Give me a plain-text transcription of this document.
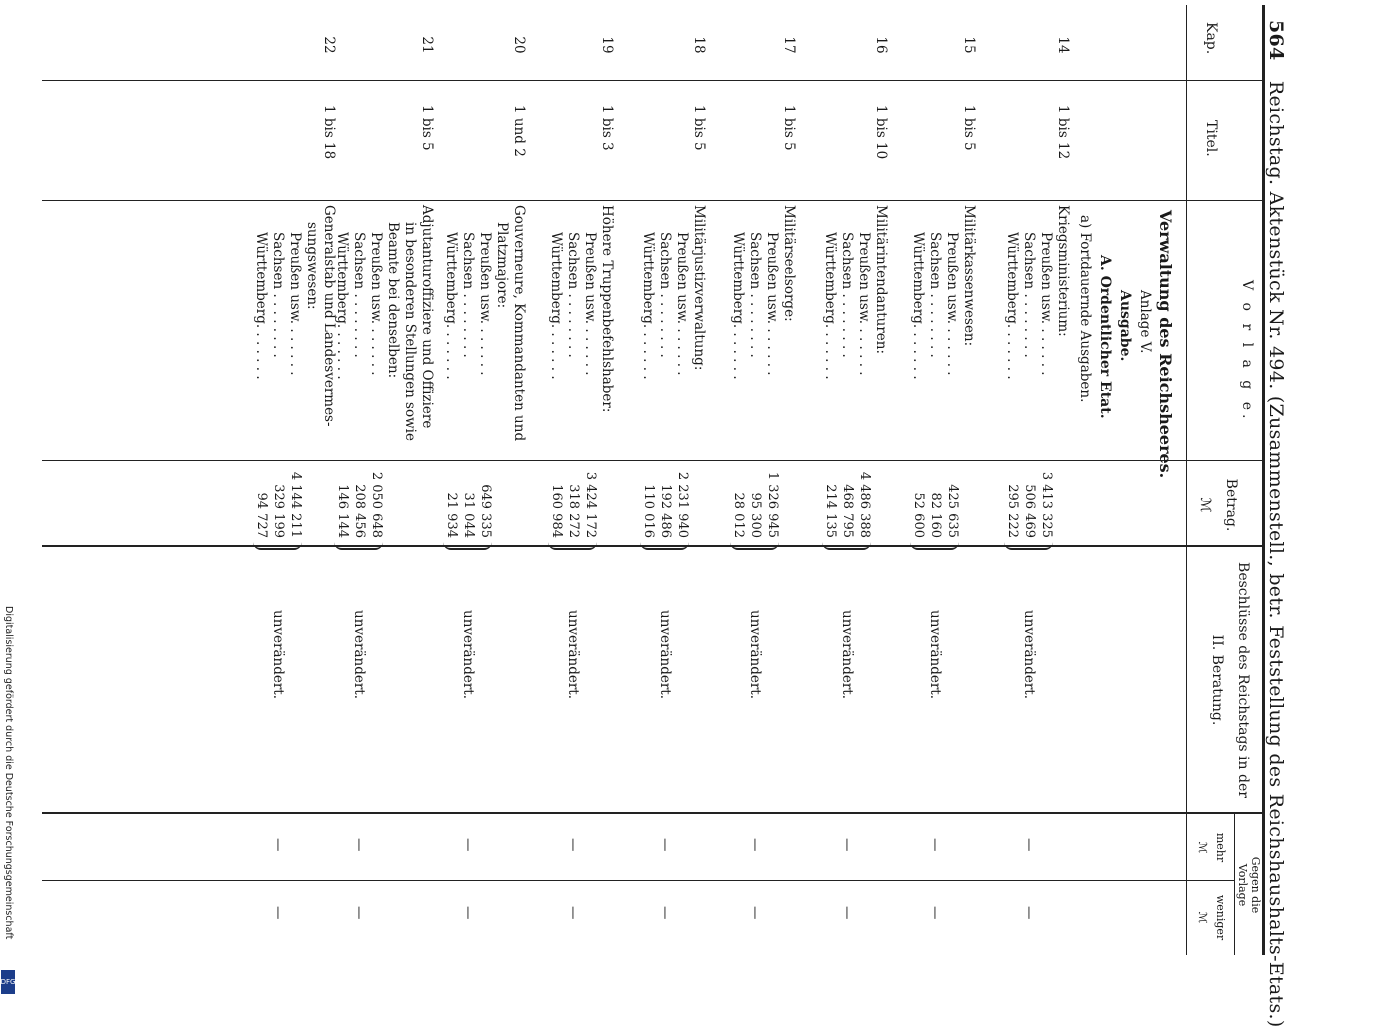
564 Reichstag. Aktenstück Nr. 494. (Zusammenstell., betr. Feststellung des Reichshaushalts-Etats.)
Kap.
Titel.
V o r l a g e.
Betrag.
ℳ
Beschlüsse des Reichstags in der
II. Beratung.
Gegen die
Vorlage
mehr
ℳ
weniger
ℳ
Verwaltung des Reichsheeres.
Anlage V.
Ausgabe.
A. Ordentlicher Etat.
a) Fortdauernde Ausgaben.
14
1 bis 12
Kriegsministerium:
Preußen usw. . . . . . .
3 413 325
Sachsen . . . . . . . .
506 469
Württemberg. . . . . . .
295 222
unverändert.
—
—
15
1 bis 5
Militärkassenwesen:
Preußen usw. . . . . . .
425 635
Sachsen . . . . . . . .
82 160
Württemberg. . . . . . .
52 600
unverändert.
—
—
16
1 bis 10
Militärintendanturen:
Preußen usw. . . . . . .
4 486 388
Sachsen . . . . . . . .
468 795
Württemberg. . . . . . .
214 135
unverändert.
—
—
17
1 bis 5
Militärseelsorge:
Preußen usw. . . . . . .
1 326 945
Sachsen . . . . . . . .
95 300
Württemberg. . . . . . .
28 012
unverändert.
—
—
18
1 bis 5
Militärjustizverwaltung:
Preußen usw. . . . . . .
2 231 940
Sachsen . . . . . . . .
192 486
Württemberg. . . . . . .
110 016
unverändert.
—
—
19
1 bis 3
Höhere Truppenbefehlshaber:
Preußen usw. . . . . . .
3 424 172
Sachsen . . . . . . . .
318 272
Württemberg. . . . . . .
160 984
unverändert.
—
—
20
1 und 2
Gouverneure, Kommandanten und
Platzmajore:
Preußen usw. . . . . . .
649 335
Sachsen . . . . . . . .
31 044
Württemberg. . . . . . .
21 934
unverändert.
—
—
21
1 bis 5
Adjutanturoffiziere und Offiziere
in besonderen Stellungen sowie
Beamte bei denselben:
Preußen usw. . . . . . .
2 050 648
Sachsen . . . . . . . .
208 456
Württemberg. . . . . . .
146 144
unverändert.
—
—
22
1 bis 18
Generalstab und Landesvermes-
sungswesen:
Preußen usw. . . . . . .
4 144 211
Sachsen . . . . . . . .
329 199
Württemberg. . . . . . .
94 727
unverändert.
—
—
Digitalisierung gefördert durch die Deutsche Forschungsgemeinschaft
DFG
